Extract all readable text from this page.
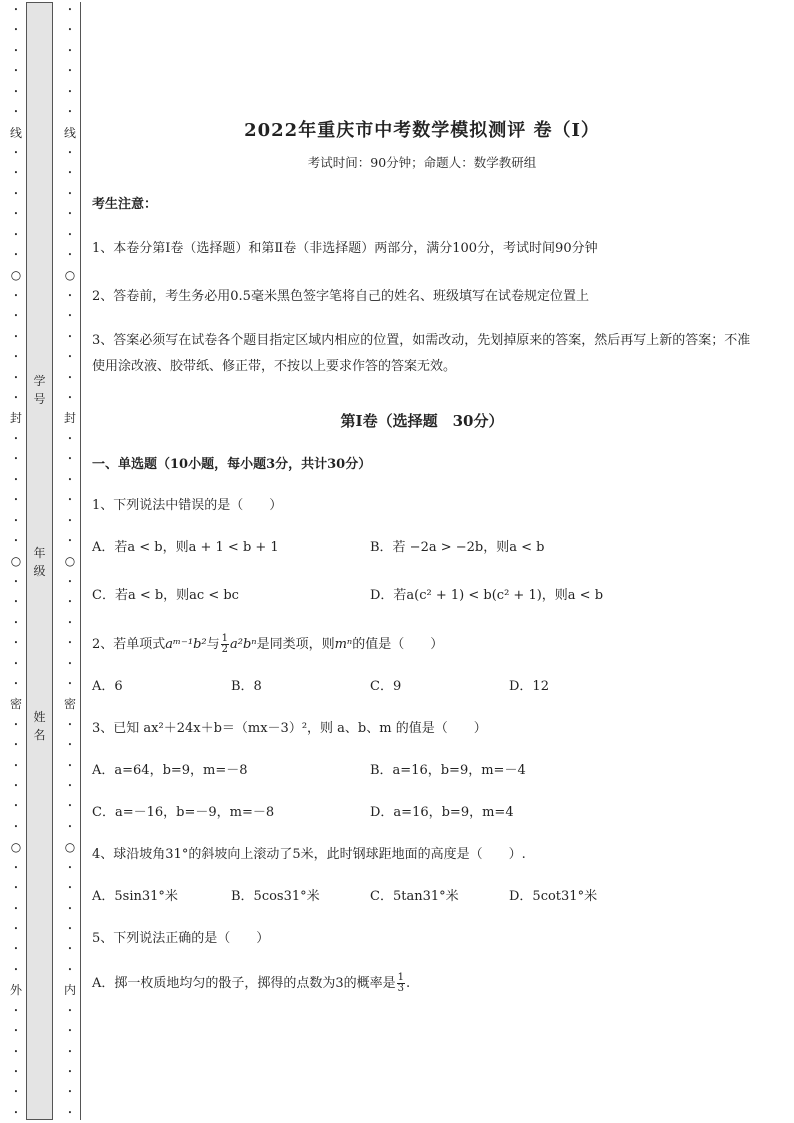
•
•
•
•
•
•
线
•
•
•
•
•
•
○
•
•
•
•
•
•
封
•
•
•
•
•
•
○
•
•
•
•
•
•
密
•
•
•
•
•
•
○
•
•
•
•
•
•
外
•
•
•
•
•
•
•
•
•
•
•
•
线
•
•
•
•
•
•
○
•
•
•
•
•
•
封
•
•
•
•
•
•
○
•
•
•
•
•
•
密
•
•
•
•
•
•
○
•
•
•
•
•
•
内
•
•
•
•
•
•
学
号
年
级
姓
名
2022年重庆市中考数学模拟测评 卷（Ⅰ）
考试时间：90分钟；命题人：数学教研组
考生注意：
1、本卷分第I卷（选择题）和第Ⅱ卷（非选择题）两部分，满分100分，考试时间90分钟
2、答卷前，考生务必用0.5毫米黑色签字笔将自己的姓名、班级填写在试卷规定位置上
3、答案必须写在试卷各个题目指定区域内相应的位置，如需改动，先划掉原来的答案，然后再写上新的答案；不准使用涂改液、胶带纸、修正带，不按以上要求作答的答案无效。
第I卷（选择题　30分）
一、单选题（10小题，每小题3分，共计30分）
1、下列说法中错误的是（　　）
A．若a < b，则a + 1 < b + 1	B．若 −2a > −2b，则a < b
C．若a < b，则ac < bc	D．若a(c² + 1) < b(c² + 1)，则a < b
2、若单项式aᵐ⁻¹b²与 $\frac{1}{2} a^2b^n$是同类项，则mⁿ的值是（　　）
A．6	B．8	C．9	D．12
3、已知 ax²＋24x＋b＝（mx－3）²，则 a、b、m 的值是（　　）
A．a=64，b=9，m=－8	B．a=16，b=9，m=－4
C．a=－16，b=－9，m=－8	D．a=16，b=9，m=4
4、球沿坡角31°的斜坡向上滚动了5米，此时钢球距地面的高度是（　　）.
A．5sin31°米	B．5cos31°米	C．5tan31°米	D．5cot31°米
5、下列说法正确的是（　　）
A．掷一枚质地均匀的骰子，掷得的点数为3的概率是 $\frac{1}{3}$ .
